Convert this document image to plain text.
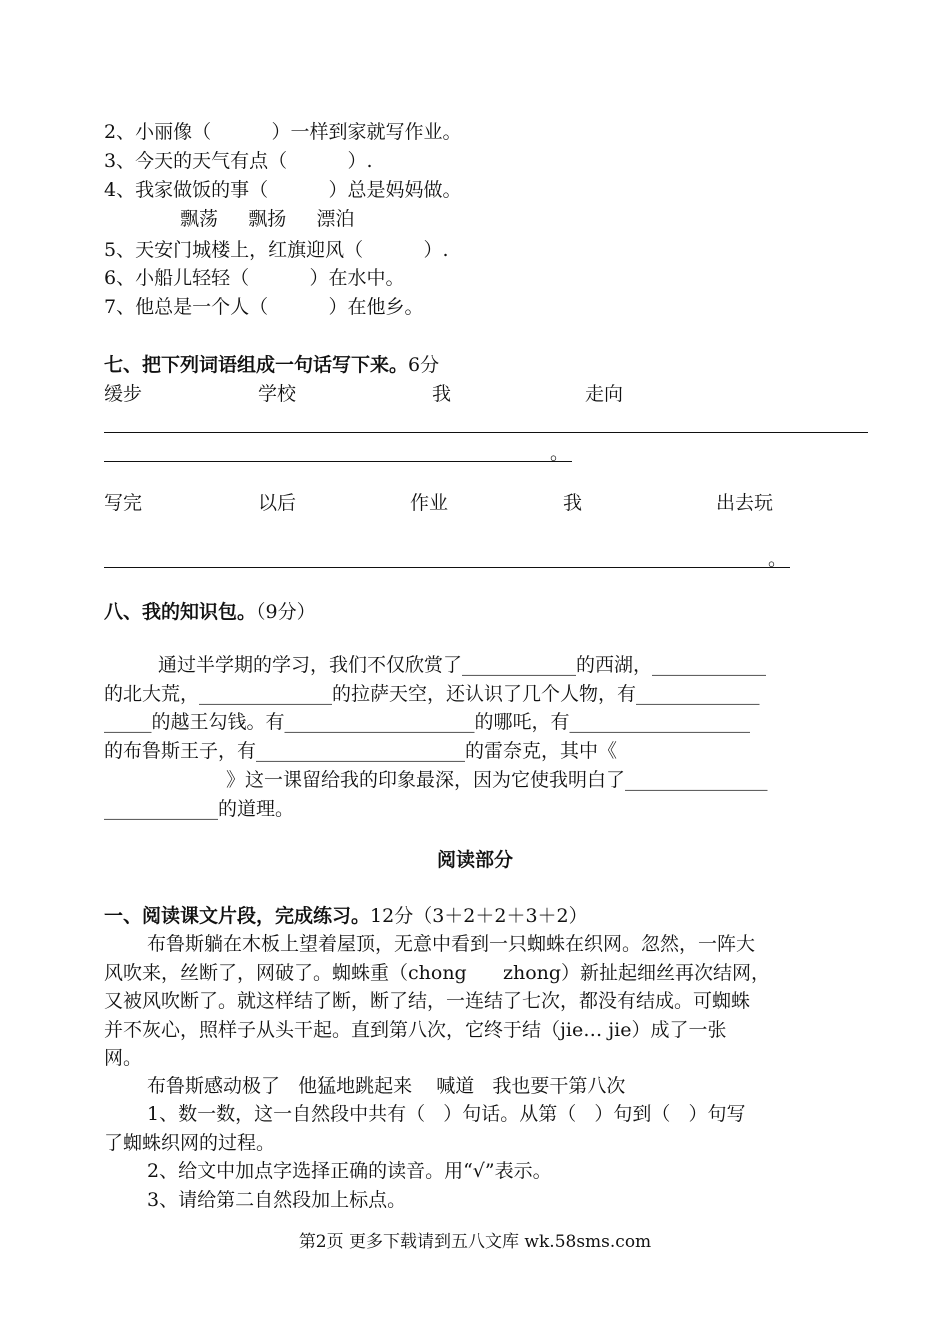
2、小丽像（          ）一样到家就写作业。
3、今天的天气有点（          ）.
4、我家做饭的事（          ）总是妈妈做。
飘荡     飘扬     漂泊
5、天安门城楼上，红旗迎风（          ）.
6、小船儿轻轻（          ）在水中。
7、他总是一个人（          ）在他乡。
七、把下列词语组成一句话写下来。6分
缓步	学校	我	走向
。
写完	以后	作业	我	出去玩
。
八、我的知识包。（9分）
通过半学期的学习，我们不仅欣赏了____________的西湖，____________
的北大荒，______________的拉萨天空，还认识了几个人物，有_____________
_____的越王勾钱。有____________________的哪吒，有___________________
的布鲁斯王子，有______________________的雷奈克，其中《
》这一课留给我的印象最深，因为它使我明白了_______________
____________的道理。
阅读部分
一、阅读课文片段，完成练习。12分（3＋2＋2＋3＋2）
布鲁斯躺在木板上望着屋顶，无意中看到一只蜘蛛在织网。忽然，一阵大
风吹来，丝断了，网破了。蜘蛛重（chong      zhong）新扯起细丝再次结网，
又被风吹断了。就这样结了断，断了结，一连结了七次，都没有结成。可蜘蛛
并不灰心，照样子从头干起。直到第八次，它终于结（jie… jie）成了一张
网。
布鲁斯感动极了   他猛地跳起来    喊道   我也要干第八次
1、数一数，这一自然段中共有（   ）句话。从第（   ）句到（   ）句写
了蜘蛛织网的过程。
2、给文中加点字选择正确的读音。用“√”表示。
3、请给第二自然段加上标点。
第2页 更多下载请到五八文库 wk.58sms.com
